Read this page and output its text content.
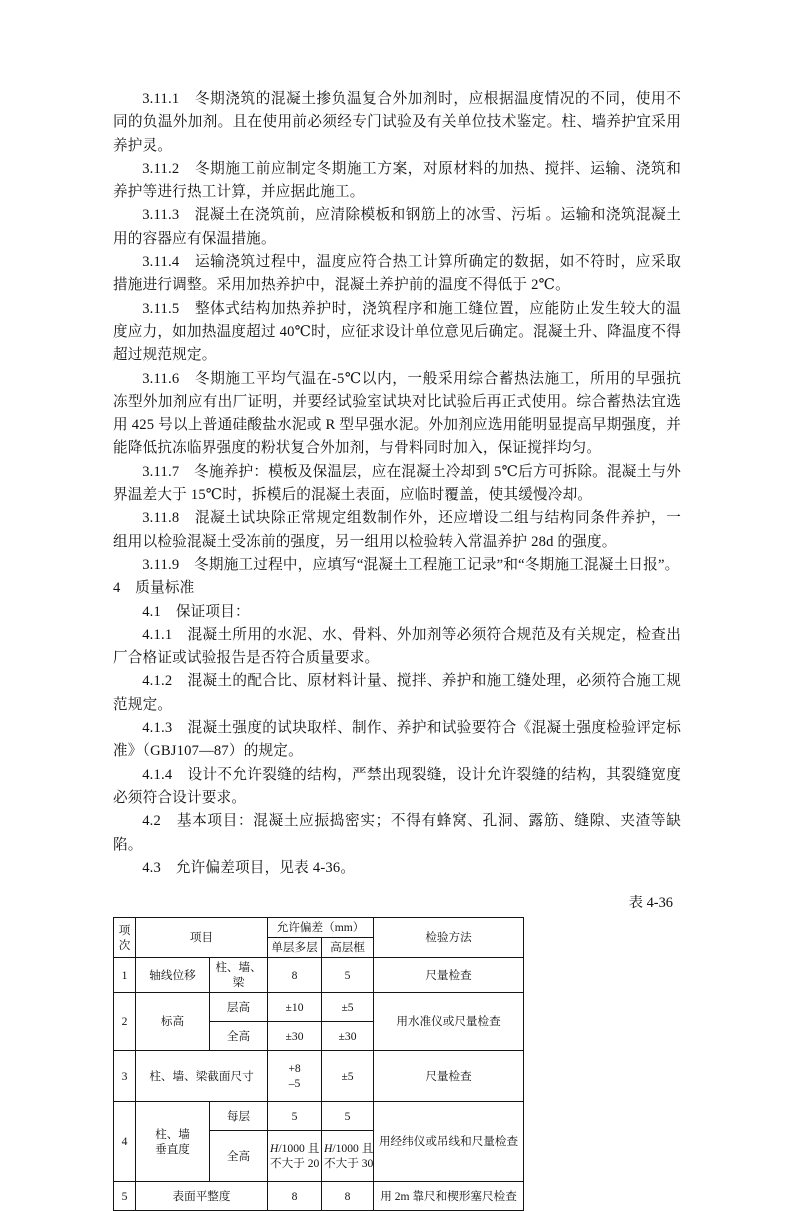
3.11.1　冬期浇筑的混凝土掺负温复合外加剂时，应根据温度情况的不同，使用不同的负温外加剂。且在使用前必须经专门试验及有关单位技术鉴定。柱、墙养护宜采用养护灵。

3.11.2　冬期施工前应制定冬期施工方案，对原材料的加热、搅拌、运输、浇筑和养护等进行热工计算，并应据此施工。

3.11.3　混凝土在浇筑前，应清除模板和钢筋上的冰雪、污垢 。运输和浇筑混凝土用的容器应有保温措施。

3.11.4　运输浇筑过程中，温度应符合热工计算所确定的数据，如不符时，应采取措施进行调整。采用加热养护中，混凝土养护前的温度不得低于 2℃。

3.11.5　整体式结构加热养护时，浇筑程序和施工缝位置，应能防止发生较大的温度应力，如加热温度超过 40℃时，应征求设计单位意见后确定。混凝土升、降温度不得超过规范规定。

3.11.6　冬期施工平均气温在-5℃以内，一般采用综合蓄热法施工，所用的早强抗冻型外加剂应有出厂证明，并要经试验室试块对比试验后再正式使用。综合蓄热法宜选用 425 号以上普通硅酸盐水泥或 R 型早强水泥。外加剂应选用能明显提高早期强度，并能降低抗冻临界强度的粉状复合外加剂，与骨料同时加入，保证搅拌均匀。

3.11.7　冬施养护：模板及保温层，应在混凝土冷却到 5℃后方可拆除。混凝土与外界温差大于 15℃时，拆模后的混凝土表面，应临时覆盖，使其缓慢冷却。

3.11.8　混凝土试块除正常规定组数制作外，还应增设二组与结构同条件养护，一组用以检验混凝土受冻前的强度，另一组用以检验转入常温养护 28d 的强度。

3.11.9　冬期施工过程中，应填写“混凝土工程施工记录”和“冬期施工混凝土日报”。

4　质量标准

4.1　保证项目：

4.1.1　混凝土所用的水泥、水、骨料、外加剂等必须符合规范及有关规定，检查出厂合格证或试验报告是否符合质量要求。

4.1.2　混凝土的配合比、原材料计量、搅拌、养护和施工缝处理，必须符合施工规范规定。

4.1.3　混凝土强度的试块取样、制作、养护和试验要符合《混凝土强度检验评定标准》（GBJ107—87）的规定。

4.1.4　设计不允许裂缝的结构，严禁出现裂缝，设计允许裂缝的结构，其裂缝宽度必须符合设计要求。

4.2　基本项目：混凝土应振捣密实；不得有蜂窝、孔洞、露筋、缝隙、夹渣等缺陷。

4.3　允许偏差项目，见表 4-36。

表 4-36

项
次	项目		允许偏差（mm）		检验方法
			单层多层	高层框	
1	轴线位移	柱、墙、梁	8	5	尺量检查
2	标高	层高	±10	±5	用水准仪或尺量检查
		全高	±30	±30	
3	柱、墙、梁截面尺寸		+8
–5	±5	尺量检查
4	柱、墙
垂直度	每层	5	5	用经纬仪或吊线和尺量检查
		全高	H/1000 且
不大于 20	H/1000 且
不大于 30	

5	表面平整度		8	8	用 2m 靠尺和楔形塞尺检查
